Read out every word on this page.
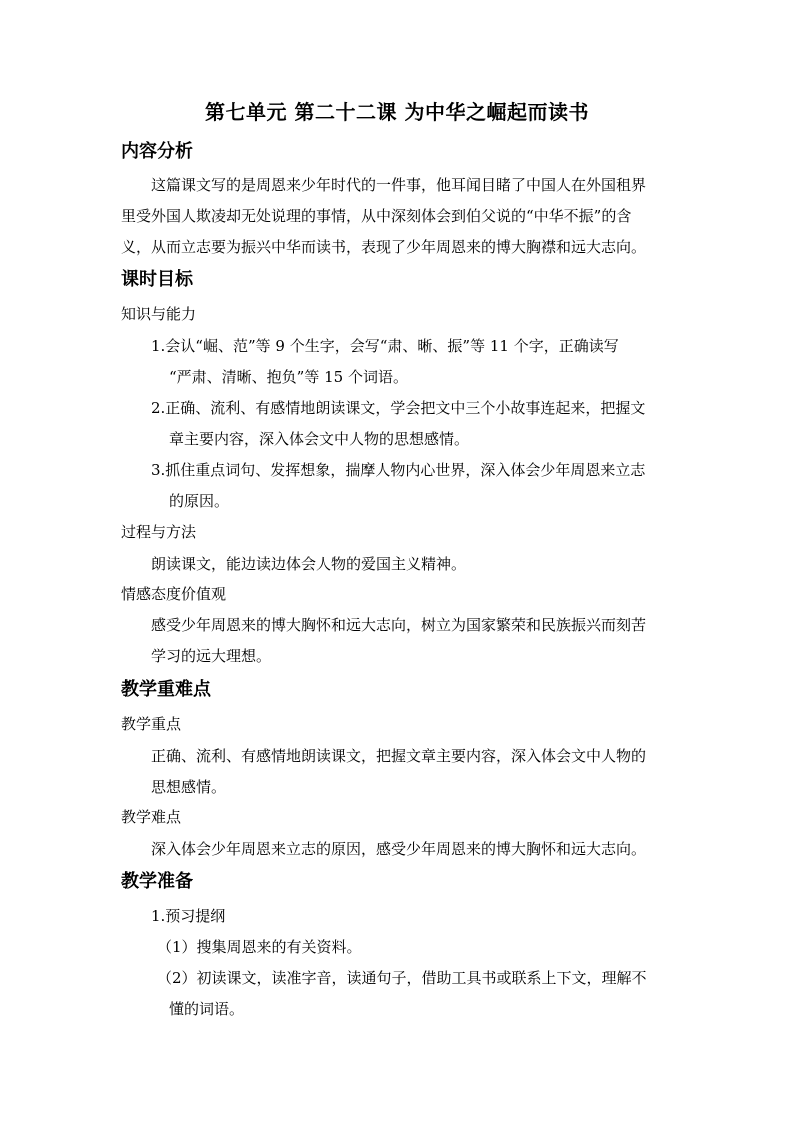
第七单元 第二十二课 为中华之崛起而读书
内容分析
这篇课文写的是周恩来少年时代的一件事，他耳闻目睹了中国人在外国租界
里受外国人欺凌却无处说理的事情，从中深刻体会到伯父说的“中华不振”的含
义，从而立志要为振兴中华而读书，表现了少年周恩来的博大胸襟和远大志向。
课时目标
知识与能力
1.会认“崛、范”等 9 个生字，会写“肃、晰、振”等 11 个字，正确读写
“严肃、清晰、抱负”等 15 个词语。
2.正确、流利、有感情地朗读课文，学会把文中三个小故事连起来，把握文
章主要内容，深入体会文中人物的思想感情。
3.抓住重点词句、发挥想象，揣摩人物内心世界，深入体会少年周恩来立志
的原因。
过程与方法
朗读课文，能边读边体会人物的爱国主义精神。
情感态度价值观
感受少年周恩来的博大胸怀和远大志向，树立为国家繁荣和民族振兴而刻苦
学习的远大理想。
教学重难点
教学重点
正确、流利、有感情地朗读课文，把握文章主要内容，深入体会文中人物的
思想感情。
教学难点
深入体会少年周恩来立志的原因，感受少年周恩来的博大胸怀和远大志向。
教学准备
1.预习提纲
（1）搜集周恩来的有关资料。
（2）初读课文，读准字音，读通句子，借助工具书或联系上下文，理解不
懂的词语。
